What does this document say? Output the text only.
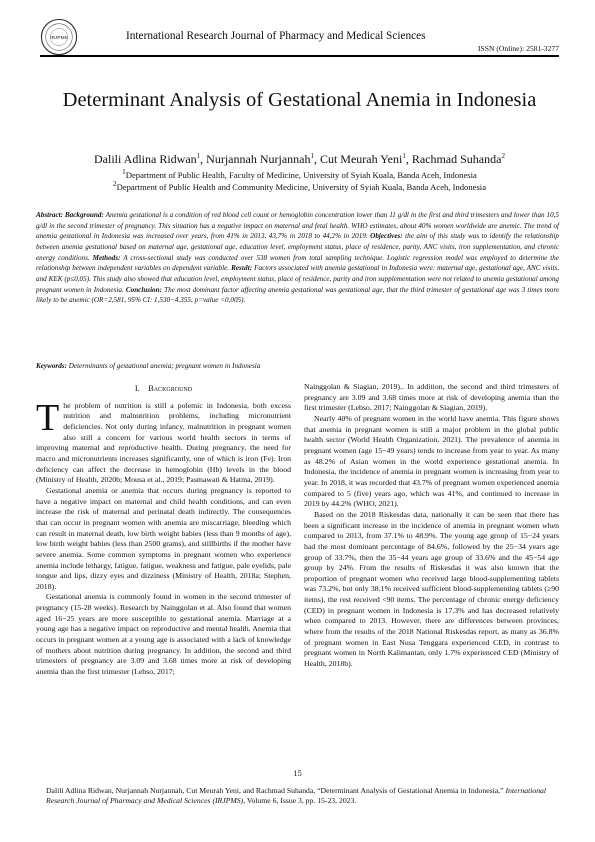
IRJPMS	International Research Journal of Pharmacy and Medical Sciences
ISSN (Online): 2581-3277
Determinant Analysis of Gestational Anemia in Indonesia
Dalili Adlina Ridwan$^1$, Nurjannah Nurjannah$^1$, Cut Meurah Yeni$^1$, Rachmad Suhanda$^2$
$^1$Department of Public Health, Faculty of Medicine, University of Syiah Kuala, Banda Aceh, Indonesia
$^2$Department of Public Health and Community Medicine, University of Syiah Kuala, Banda Aceh, Indonesia
Abstract: Background: Anemia gestational is a condition of red blood cell count or hemoglobin concentration lower than 11 g/dl in the first and third trimesters and lower than 10,5 g/dl in the second trimester of pregnancy. This situation has a negative impact on maternal and fetal health. WHO estimates, about 40% women worldwide are anemic. The trend of anemia gestational in Indonesia was increased over years, from 41% in 2013, 43,7% in 2018 to 44,2% in 2019. Objectives: the aim of this study was to identify the relationship between anemia gestational based on maternal age, gestational age, education level, employment status, place of residence, parity, ANC visits, iron supplementation, and chronic energy conditions. Methods: A cross-sectional study was conducted over 538 women from total sampling technique. Logistic regression model was employed to determine the relationship between independent variables on dependent variable. Result: Factors associated with anemia gestational in Indonesia were: maternal age, gestational age, ANC visits, and KEK (p≤0,05). This study also showed that education level, employment status, place of residence, parity and iron supplementation were not related to anemia gestational among pregnant women in Indonesia. Conclusion: The most dominant factor affecting anemia gestational was gestational age, that the third trimester of gestational age was 3 times more likely to be anemic (OR=2,581, 95% CI: 1,530−4.355, p=value <0,005).
Keywords: Determinants of gestational anemia; pregnant women in Indonesia
I.    Background

The problem of nutrition is still a polemic in Indonesia, both excess nutrition and malnutrition problems, including micronutrient deficiencies. Not only during infancy, malnutrition in pregnant women also still a concern for various world health sectors in terms of improving maternal and reproductive health. During pregnancy, the need for macro and micronutrients increases significantly, one of which is iron (Fe). Iron deficiency can affect the decrease in hemoglobin (Hb) levels in the blood (Ministry of Health, 2020b; Mousa et al., 2019; Pasmawati & Hatma, 2019).

Gestational anemia or anemia that occurs during pregnancy is reported to have a negative impact on maternal and child health conditions, and can even increase the risk of maternal and perinatal death indirectly. The consequences that can occur in pregnant women with anemia are miscarriage, bleeding which can result in maternal death, low birth weight babies (less than 9 months of age), low birth weight babies (less than 2500 grams), and stillbirths if the mother have severe anemia. Some common symptoms in pregnant women who experience anemia include lethargy, fatigue, fatigue, weakness and fatigue, pale eyelids, pale tongue and lips, dizzy eyes and dizziness (Ministry of Health, 2018a; Stephen, 2018).

Gestational anemia is commonly found in women in the second trimester of pregnancy (15-28 weeks). Research by Nainggolan et al. Also found that women aged 16−25 years are more susceptible to gestational anemia. Marriage at a young age has a negative impact on reproductive and mental health. Anemia that occurs in pregnant women at a young age is associated with a lack of knowledge of mothers about nutrition during pregnancy. In addition, the second and third trimesters of pregnancy are 3.09 and 3.68 times more at risk of developing anemia than the first trimester (Lebso, 2017;

Nainggolan & Siagian, 2019).. In addition, the second and third trimesters of pregnancy are 3.09 and 3.68 times more at risk of developing anemia than the first trimester (Lebso, 2017; Nainggolan & Siagian, 2019).

Nearly 40% of pregnant women in the world have anemia. This figure shows that anemia in pregnant women is still a major problem in the global public health sector (World Health Organization, 2021). The prevalence of anemia in pregnant women (age 15−49 years) tends to increase from year to year. As many as 48.2% of Asian women in the world experience gestational anemia. In Indonesia, the incidence of anemia in pregnant women is increasing from year to year. In 2018, it was recorded that 43.7% of pregnant women experienced anemia compared to 5 (five) years ago, which was 41%, and continued to increase in 2019 by 44.2% (WHO, 2021).

Based on the 2018 Riskesdas data, nationally it can be seen that there has been a significant increase in the incidence of anemia in pregnant women when compared to 2013, from 37.1% to 48.9%. The young age group of 15−24 years had the most dominant percentage of 84.6%, followed by the 25−34 years age group of 33.7%, then the 35−44 years age group of 33.6% and the 45−54 age group by 24%. From the results of Riskesdas it was also known that the proportion of pregnant women who received large blood-supplementing tablets was 73.2%, but only 38.1% received sufficient blood-supplementing tablets (≥90 items), the rest received <90 items. The percentage of chronic energy deficiency (CED) in pregnant women in Indonesia is 17.3% and has decreased relatively when compared to 2013. However, there are differences between provinces, where from the results of the 2018 National Riskesdas report, as many as 36.8% of pregnant women in East Nusa Tenggara experienced CED, in contrast to pregnant women in North Kalimantan, only 1.7% experienced CED (Ministry of Health, 2018b).

15
Dalili Adlina Ridwan, Nurjannah Nurjannah, Cut Meurah Yeni, and Rachmad Suhanda, “Determinant Analysis of Gestational Anemia in Indonesia,” International Research Journal of Pharmacy and Medical Sciences (IRJPMS), Volume 6, Issue 3, pp. 15-23, 2023.
